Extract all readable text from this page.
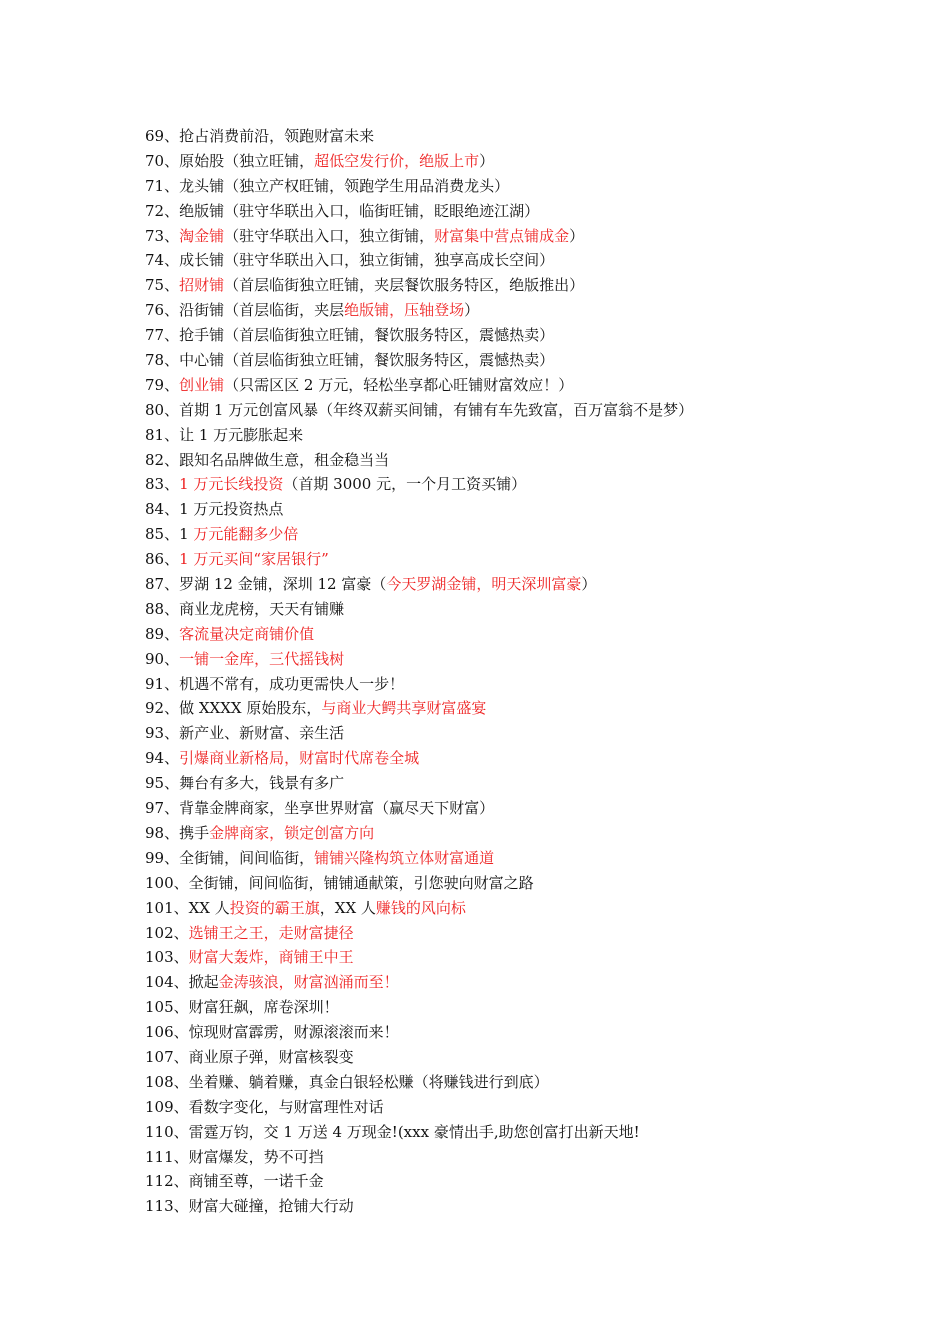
69、抢占消费前沿，领跑财富未来
70、原始股（独立旺铺，超低空发行价，绝版上市）
71、龙头铺（独立产权旺铺，领跑学生用品消费龙头）
72、绝版铺（驻守华联出入口，临街旺铺，眨眼绝迹江湖）
73、淘金铺（驻守华联出入口，独立街铺，财富集中营点铺成金）
74、成长铺（驻守华联出入口，独立街铺，独享高成长空间）
75、招财铺（首层临街独立旺铺，夹层餐饮服务特区，绝版推出）
76、沿街铺（首层临街，夹层绝版铺，压轴登场）
77、抢手铺（首层临街独立旺铺，餐饮服务特区，震憾热卖）
78、中心铺（首层临街独立旺铺，餐饮服务特区，震憾热卖）
79、创业铺（只需区区 2 万元，轻松坐享都心旺铺财富效应！）
80、首期 1 万元创富风暴（年终双薪买间铺，有铺有车先致富，百万富翁不是梦）
81、让 1 万元膨胀起来
82、跟知名品牌做生意，租金稳当当
83、1 万元长线投资（首期 3000 元，一个月工资买铺）
84、1 万元投资热点
85、1 万元能翻多少倍
86、1 万元买间“家居银行”
87、罗湖 12 金铺，深圳 12 富豪（今天罗湖金铺，明天深圳富豪）
88、商业龙虎榜，天天有铺赚
89、客流量决定商铺价值
90、一铺一金库，三代摇钱树
91、机遇不常有，成功更需快人一步！
92、做 XXXX 原始股东，与商业大鳄共享财富盛宴
93、新产业、新财富、亲生活
94、引爆商业新格局，财富时代席卷全城
95、舞台有多大，钱景有多广
97、背靠金牌商家，坐享世界财富（赢尽天下财富）
98、携手金牌商家，锁定创富方向
99、全街铺，间间临街，铺铺兴隆构筑立体财富通道
100、全街铺，间间临街，铺铺通献策，引您驶向财富之路
101、XX 人投资的霸王旗，XX 人赚钱的风向标
102、选铺王之王，走财富捷径
103、财富大轰炸，商铺王中王
104、掀起金涛骇浪，财富汹涌而至！
105、财富狂飙，席卷深圳！
106、惊现财富霹雳，财源滚滚而来！
107、商业原子弹，财富核裂变
108、坐着赚、躺着赚，真金白银轻松赚（将赚钱进行到底）
109、看数字变化，与财富理性对话
110、雷霆万钧，交 1 万送 4 万现金!(xxx 豪情出手,助您创富打出新天地!
111、财富爆发，势不可挡
112、商铺至尊，一诺千金
113、财富大碰撞，抢铺大行动
